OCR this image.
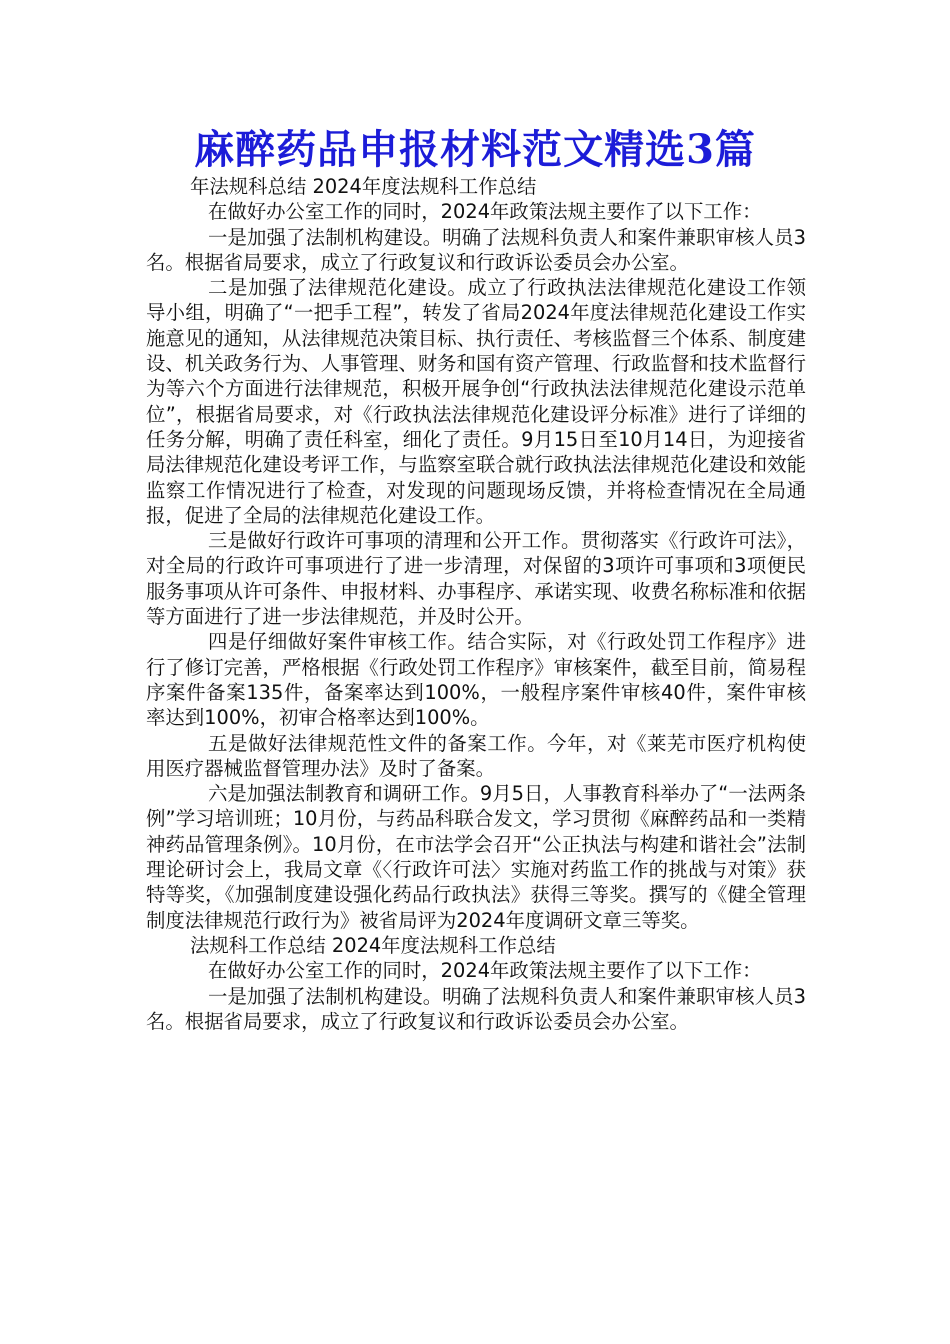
麻醉药品申报材料范文精选3篇

年法规科总结 2024年度法规科工作总结

在做好办公室工作的同时，2024年政策法规主要作了以下工作：

一是加强了法制机构建设。明确了法规科负责人和案件兼职审核人员3名。根据省局要求，成立了行政复议和行政诉讼委员会办公室。

二是加强了法律规范化建设。成立了行政执法法律规范化建设工作领导小组，明确了“一把手工程”，转发了省局2024年度法律规范化建设工作实施意见的通知，从法律规范决策目标、执行责任、考核监督三个体系、制度建设、机关政务行为、人事管理、财务和国有资产管理、行政监督和技术监督行为等六个方面进行法律规范，积极开展争创“行政执法法律规范化建设示范单位”，根据省局要求，对《行政执法法律规范化建设评分标准》进行了详细的任务分解，明确了责任科室，细化了责任。9月15日至10月14日，为迎接省局法律规范化建设考评工作，与监察室联合就行政执法法律规范化建设和效能监察工作情况进行了检查，对发现的问题现场反馈，并将检查情况在全局通报，促进了全局的法律规范化建设工作。

三是做好行政许可事项的清理和公开工作。贯彻落实《行政许可法》，对全局的行政许可事项进行了进一步清理，对保留的3项许可事项和3项便民服务事项从许可条件、申报材料、办事程序、承诺实现、收费名称标准和依据等方面进行了进一步法律规范，并及时公开。

四是仔细做好案件审核工作。结合实际，对《行政处罚工作程序》进行了修订完善，严格根据《行政处罚工作程序》审核案件，截至目前，简易程序案件备案135件，备案率达到100%，一般程序案件审核40件，案件审核率达到100%，初审合格率达到100%。

五是做好法律规范性文件的备案工作。今年，对《莱芜市医疗机构使用医疗器械监督管理办法》及时了备案。

六是加强法制教育和调研工作。9月5日，人事教育科举办了“一法两条例”学习培训班；10月份，与药品科联合发文，学习贯彻《麻醉药品和一类精神药品管理条例》。10月份，在市法学会召开“公正执法与构建和谐社会”法制理论研讨会上，我局文章《〈行政许可法〉实施对药监工作的挑战与对策》获特等奖，《加强制度建设强化药品行政执法》获得三等奖。撰写的《健全管理制度法律规范行政行为》被省局评为2024年度调研文章三等奖。

法规科工作总结 2024年度法规科工作总结

在做好办公室工作的同时，2024年政策法规主要作了以下工作：

一是加强了法制机构建设。明确了法规科负责人和案件兼职审核人员3名。根据省局要求，成立了行政复议和行政诉讼委员会办公室。
